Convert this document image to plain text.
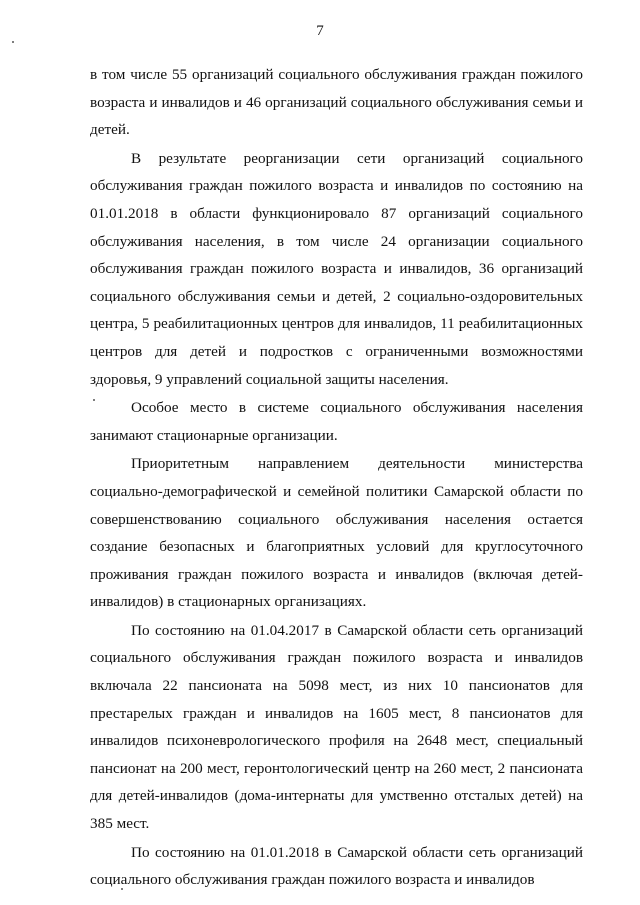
7

в том числе 55 организаций социального обслуживания граждан пожилого возраста и инвалидов и 46 организаций социального обслуживания семьи и детей.

В результате реорганизации сети организаций социального обслуживания граждан пожилого возраста и инвалидов по состоянию на 01.01.2018 в области функционировало 87 организаций социального обслуживания населения, в том числе 24 организации социального обслуживания граждан пожилого возраста и инвалидов, 36 организаций социального обслуживания семьи и детей, 2 социально-оздоровительных центра, 5 реабилитационных центров для инвалидов, 11 реабилитационных центров для детей и подростков с ограниченными возможностями здоровья, 9 управлений социальной защиты населения.

Особое место в системе социального обслуживания населения занимают стационарные организации.

Приоритетным направлением деятельности министерства социально-демографической и семейной политики Самарской области по совершенствованию социального обслуживания населения остается создание безопасных и благоприятных условий для круглосуточного проживания граждан пожилого возраста и инвалидов (включая детей-инвалидов) в стационарных организациях.

По состоянию на 01.04.2017 в Самарской области сеть организаций социального обслуживания граждан пожилого возраста и инвалидов включала 22 пансионата на 5098 мест, из них 10 пансионатов для престарелых граждан и инвалидов на 1605 мест, 8 пансионатов для инвалидов психоневрологического профиля на 2648 мест, специальный пансионат на 200 мест, геронтологический центр на 260 мест, 2 пансионата для детей-инвалидов (дома-интернаты для умственно отсталых детей) на 385 мест.

По состоянию на 01.01.2018 в Самарской области сеть организаций социального обслуживания граждан пожилого возраста и инвалидов
